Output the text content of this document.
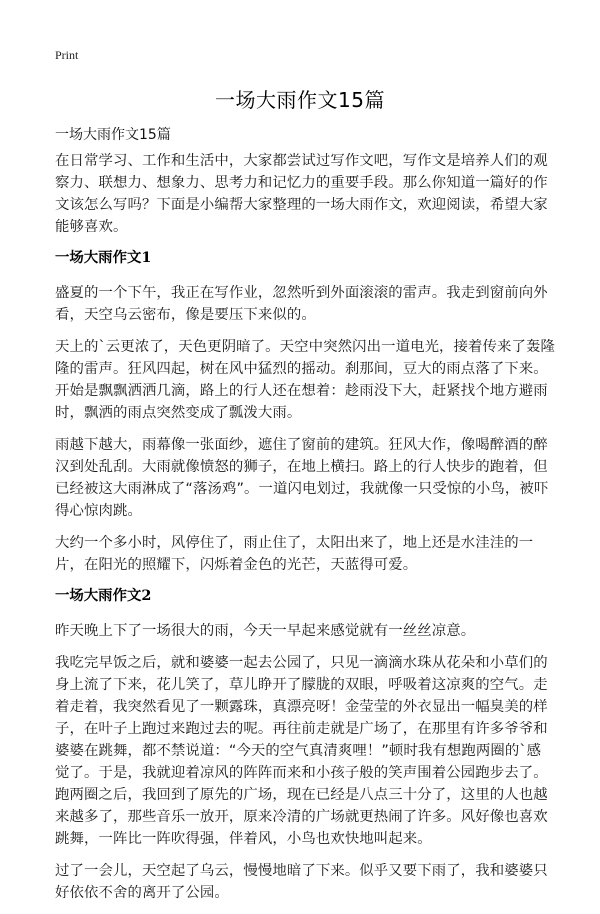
Print
一场大雨作文15篇
一场大雨作文15篇

在日常学习、工作和生活中，大家都尝试过写作文吧，写作文是培养人们的观察力、联想力、想象力、思考力和记忆力的重要手段。那么你知道一篇好的作文该怎么写吗？下面是小编帮大家整理的一场大雨作文，欢迎阅读，希望大家能够喜欢。

一场大雨作文1

盛夏的一个下午，我正在写作业，忽然听到外面滚滚的雷声。我走到窗前向外看，天空乌云密布，像是要压下来似的。

天上的`云更浓了，天色更阴暗了。天空中突然闪出一道电光，接着传来了轰隆隆的雷声。狂风四起，树在风中猛烈的摇动。刹那间，豆大的雨点落了下来。开始是飘飘洒洒几滴，路上的行人还在想着：趁雨没下大，赶紧找个地方避雨时，飘洒的雨点突然变成了瓢泼大雨。

雨越下越大，雨幕像一张面纱，遮住了窗前的建筑。狂风大作，像喝醉酒的醉汉到处乱刮。大雨就像愤怒的狮子，在地上横扫。路上的行人快步的跑着，但已经被这大雨淋成了“落汤鸡”。一道闪电划过，我就像一只受惊的小鸟，被吓得心惊肉跳。

大约一个多小时，风停住了，雨止住了，太阳出来了，地上还是水洼洼的一片，在阳光的照耀下，闪烁着金色的光芒，天蓝得可爱。

一场大雨作文2

昨天晚上下了一场很大的雨，今天一早起来感觉就有一丝丝凉意。

我吃完早饭之后，就和婆婆一起去公园了，只见一滴滴水珠从花朵和小草们的身上流了下来，花儿笑了，草儿睁开了朦胧的双眼，呼吸着这凉爽的空气。走着走着，我突然看见了一颗露珠，真漂亮呀！金莹莹的外衣显出一幅臭美的样子，在叶子上跑过来跑过去的呢。再往前走就是广场了，在那里有许多爷爷和婆婆在跳舞，都不禁说道：“今天的空气真清爽哩！”顿时我有想跑两圈的`感觉了。于是，我就迎着凉风的阵阵而来和小孩子般的笑声围着公园跑步去了。跑两圈之后，我回到了原先的广场，现在已经是八点三十分了，这里的人也越来越多了，那些音乐一放开，原来冷清的广场就更热闹了许多。风好像也喜欢跳舞，一阵比一阵吹得强，伴着风，小鸟也欢快地叫起来。

过了一会儿，天空起了乌云，慢慢地暗了下来。似乎又要下雨了，我和婆婆只好依依不舍的离开了公园。
